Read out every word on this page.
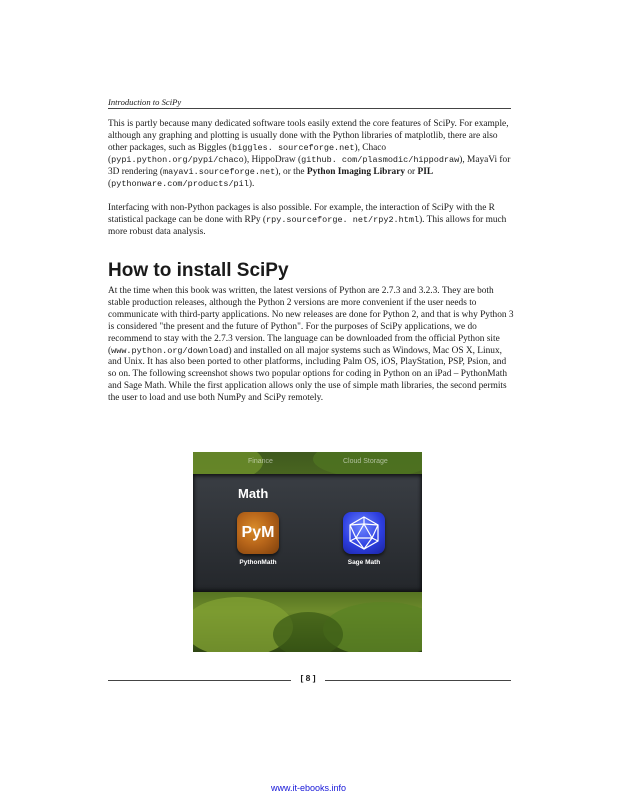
Introduction to SciPy

This is partly because many dedicated software tools easily extend the core features of SciPy. For example, although any graphing and plotting is usually done with the Python libraries of matplotlib, there are also other packages, such as Biggles (biggles. sourceforge.net), Chaco (pypi.python.org/pypi/chaco), HippoDraw (github. com/plasmodic/hippodraw), MayaVi for 3D rendering (mayavi.sourceforge.net), or the Python Imaging Library or PIL (pythonware.com/products/pil).

Interfacing with non-Python packages is also possible. For example, the interaction of SciPy with the R statistical package can be done with RPy (rpy.sourceforge. net/rpy2.html). This allows for much more robust data analysis.

How to install SciPy

At the time when this book was written, the latest versions of Python are 2.7.3 and 3.2.3. They are both stable production releases, although the Python 2 versions are more convenient if the user needs to communicate with third-party applications. No new releases are done for Python 2, and that is why Python 3 is considered "the present and the future of Python". For the purposes of SciPy applications, we do recommend to stay with the 2.7.3 version. The language can be downloaded from the official Python site (www.python.org/download) and installed on all major systems such as Windows, Mac OS X, Linux, and Unix. It has also been ported to other platforms, including Palm OS, iOS, PlayStation, PSP, Psion, and so on. The following screenshot shows two popular options for coding in Python on an iPad – PythonMath and Sage Math. While the first application allows only the use of simple math libraries, the second permits the user to load and use both NumPy and SciPy remotely.

Finance	Cloud Storage
Math
PyM
PythonMath	Sage Math
[ 8 ]
www.it-ebooks.info
